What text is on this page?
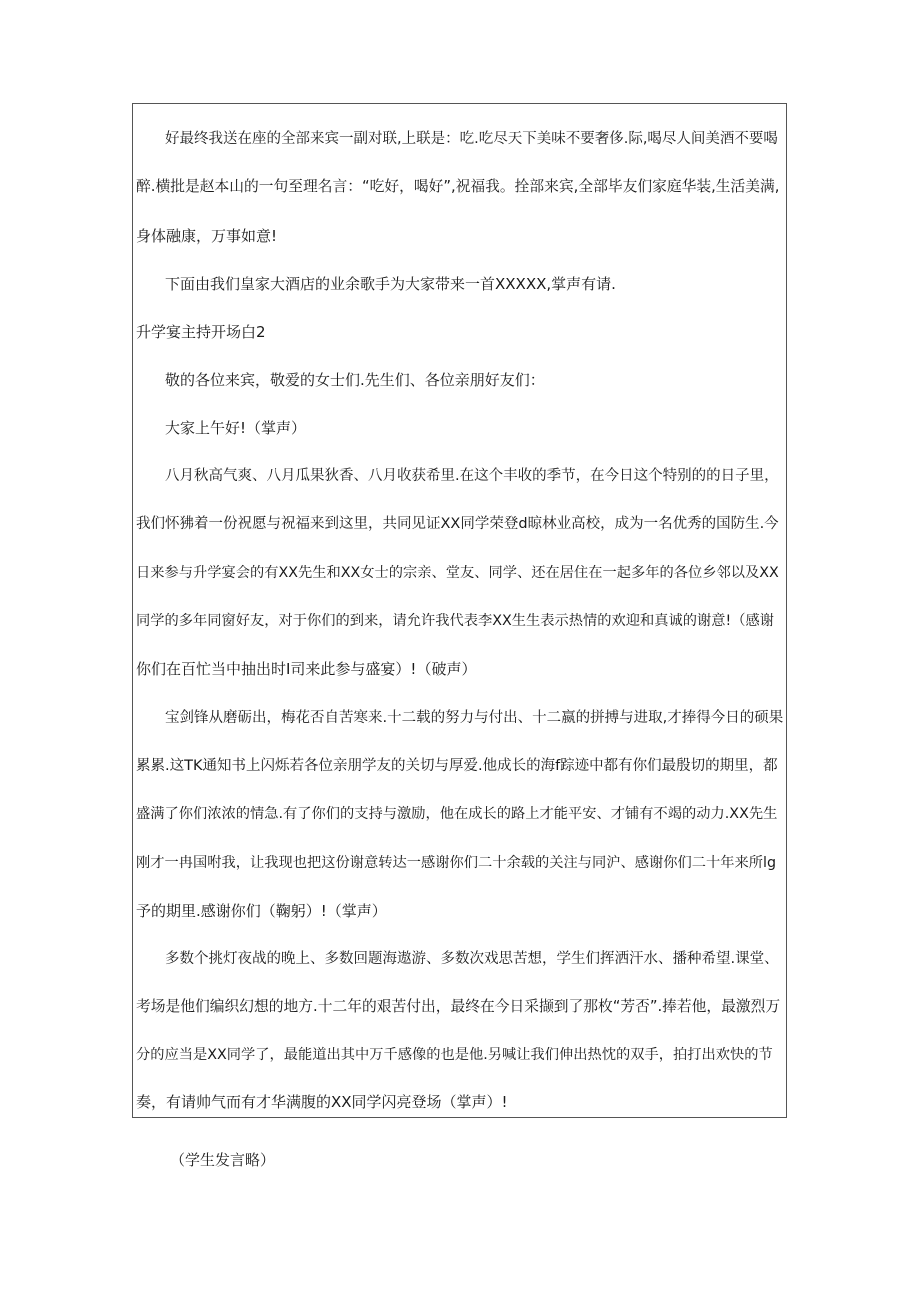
好最终我送在座的全部来宾一副对联,上联是：吃.吃尽天下美味不要奢侈.际,喝尽人间美酒不要喝
醉.横批是赵本山的一句至理名言：“吃好，喝好”,祝福我。拴部来宾,全部毕友们家庭华装,生活美满,
身体融康，万事如意!
下面由我们皇家大酒店的业余歌手为大家带来一首XXXXX,掌声有请.
升学宴主持开场白2
敬的各位来宾，敬爱的女士们.先生们、各位亲朋好友们：
大家上午好!（掌声）
八月秋高气爽、八月瓜果狄香、八月收获希里.在这个丰收的季节，在今日这个特别的的日子里，
我们怀狒着一份祝愿与祝福来到这里，共同见证XX同学荣登d晾林业高校，成为一名优秀的国防生.今
日来参与升学宴会的有XX先生和XX女士的宗亲、堂友、同学、还在居住在一起多年的各位乡邻以及XX
同学的多年同窗好友，对于你们的到来，请允许我代表李XX生生表示热情的欢迎和真诚的谢意!（感谢
你们在百忙当中抽出时I司来此参与盛宴）!（破声）
宝剑锋从磨砺出，梅花否自苦寒来.十二载的努力与付出、十二嬴的拼搏与进取,才捧得今日的硕果
累累.这TK通知书上闪烁若各位亲朋学友的关切与厚爱.他成长的海f踪迹中都有你们最殷切的期里，都
盛满了你们浓浓的情急.有了你们的支持与激励，他在成长的路上才能平安、才铺有不竭的动力.XX先生
刚才一冉国咐我，让我现也把这份谢意转达一感谢你们二十余载的关注与同沪、感谢你们二十年来所lg
予的期里.感谢你们（鞠躬）!（掌声）
多数个挑灯夜战的晚上、多数回题海遨游、多数次戏思苦想，学生们挥洒汗水、播种希望.课堂、
考场是他们编织幻想的地方.十二年的艰苦付出，最终在今日采撷到了那枚“芳否”.捧若他，最激烈万
分的应当是XX同学了，最能道出其中万千感像的也是他.另喊让我们伸出热忱的双手，拍打出欢快的节
奏，有请帅气而有才华满腹的XX同学闪亮登场（掌声）!
（学生发言略）
